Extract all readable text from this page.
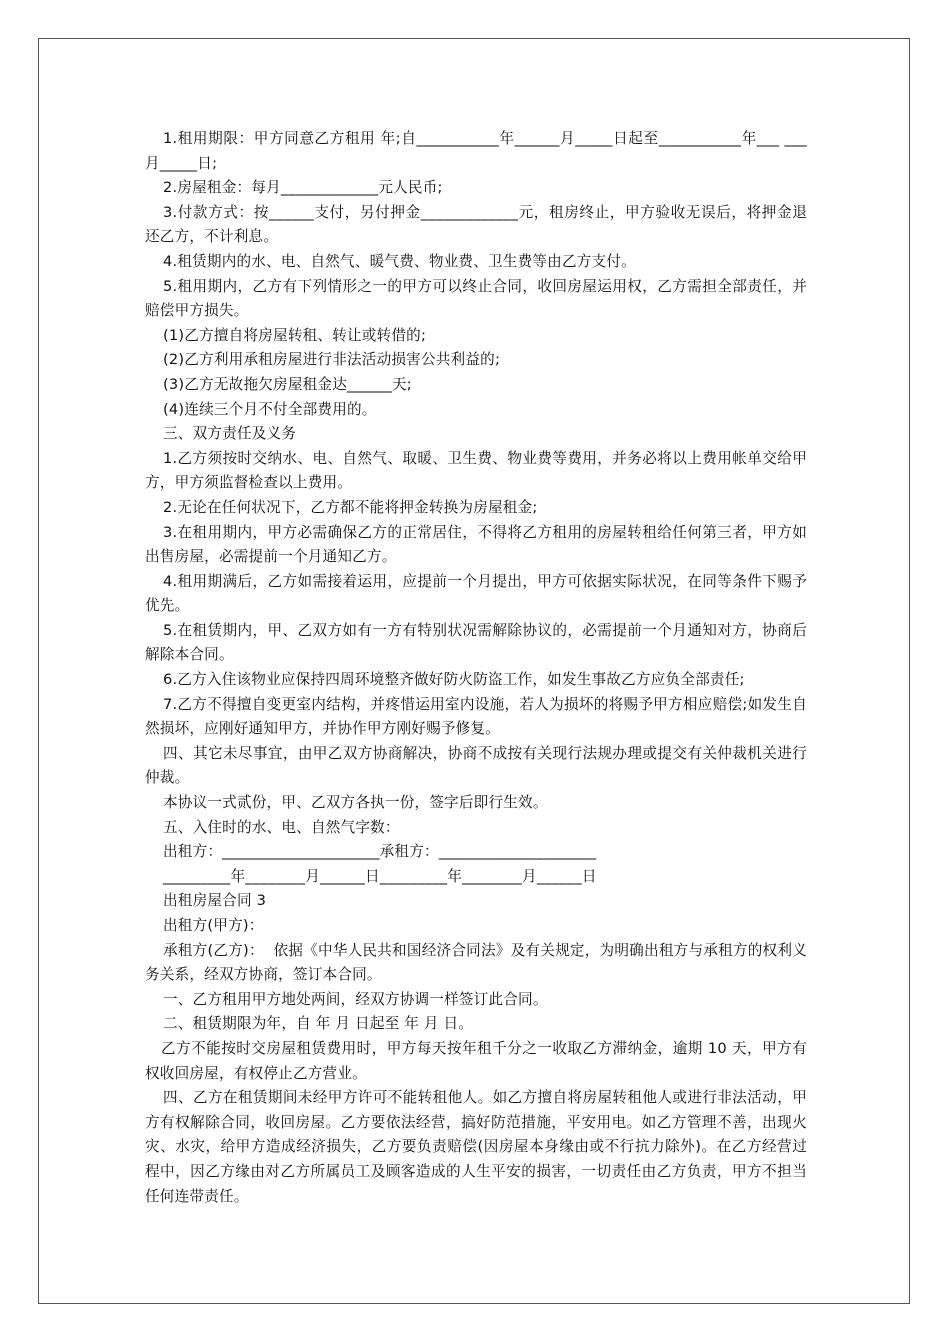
1.租用期限：甲方同意乙方租用 年;自___________年______月_____日起至___________年___ ___月_____日;

2.房屋租金：每月_____________元人民币;

3.付款方式：按______支付，另付押金_____________元，租房终止，甲方验收无误后，将押金退还乙方，不计利息。

4.租赁期内的水、电、自然气、暖气费、物业费、卫生费等由乙方支付。

5.租用期内，乙方有下列情形之一的甲方可以终止合同，收回房屋运用权，乙方需担全部责任，并赔偿甲方损失。

(1)乙方擅自将房屋转租、转让或转借的;

(2)乙方利用承租房屋进行非法活动损害公共利益的;

(3)乙方无故拖欠房屋租金达______天;

(4)连续三个月不付全部费用的。

三、双方责任及义务

1.乙方须按时交纳水、电、自然气、取暖、卫生费、物业费等费用，并务必将以上费用帐单交给甲方，甲方须监督检查以上费用。

2.无论在任何状况下，乙方都不能将押金转换为房屋租金;

3.在租用期内，甲方必需确保乙方的正常居住，不得将乙方租用的房屋转租给任何第三者，甲方如出售房屋，必需提前一个月通知乙方。

4.租用期满后，乙方如需接着运用，应提前一个月提出，甲方可依据实际状况，在同等条件下赐予优先。

5.在租赁期内，甲、乙双方如有一方有特别状况需解除协议的，必需提前一个月通知对方，协商后解除本合同。

6.乙方入住该物业应保持四周环境整齐做好防火防盗工作，如发生事故乙方应负全部责任;

7.乙方不得擅自变更室内结构，并疼惜运用室内设施，若人为损坏的将赐予甲方相应赔偿;如发生自然损坏，应刚好通知甲方，并协作甲方刚好赐予修复。

四、其它未尽事宜，由甲乙双方协商解决，协商不成按有关现行法规办理或提交有关仲裁机关进行仲裁。

本协议一式贰份，甲、乙双方各执一份，签字后即行生效。

五、入住时的水、电、自然气字数：

出租方：_____________________承租方：_____________________

_________年________月______日_________年________月______日

出租房屋合同 3

出租方(甲方)：

承租方(乙方)：  依据《中华人民共和国经济合同法》及有关规定，为明确出租方与承租方的权利义务关系，经双方协商，签订本合同。

一、乙方租用甲方地处两间，经双方协调一样签订此合同。

二、租赁期限为年，自 年 月 日起至 年 月 日。

乙方不能按时交房屋租赁费用时，甲方每天按年租千分之一收取乙方滞纳金，逾期 10 天，甲方有权收回房屋，有权停止乙方营业。

四、乙方在租赁期间未经甲方许可不能转租他人。如乙方擅自将房屋转租他人或进行非法活动，甲方有权解除合同，收回房屋。乙方要依法经营，搞好防范措施，平安用电。如乙方管理不善，出现火灾、水灾，给甲方造成经济损失，乙方要负责赔偿(因房屋本身缘由或不行抗力除外)。在乙方经营过程中，因乙方缘由对乙方所属员工及顾客造成的人生平安的损害，一切责任由乙方负责，甲方不担当任何连带责任。
